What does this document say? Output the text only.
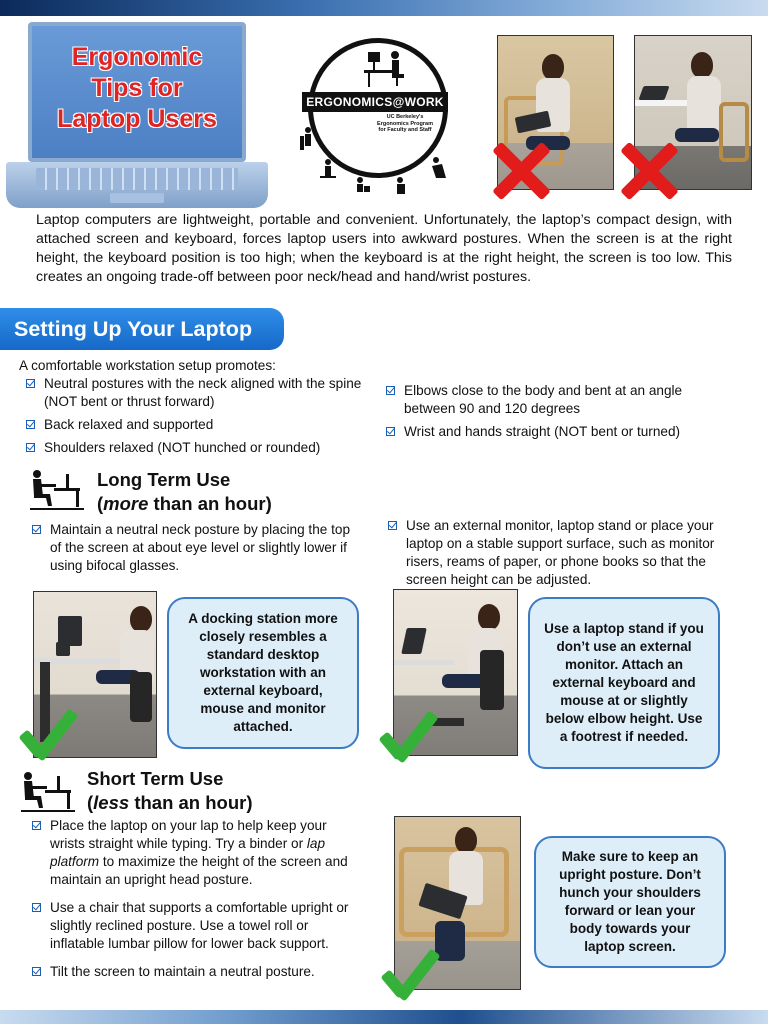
Ergonomic
Tips for
Laptop Users
ERGONOMICS@WORK
UC Berkeley's
Ergonomics Program
for Faculty and Staff

Laptop computers are lightweight, portable and convenient. Unfortunately, the laptop’s compact design, with attached screen and keyboard, forces laptop users into awkward postures. When the screen is at the right height, the keyboard position is too high; when the keyboard is at the right height, the screen is too low. This creates an ongoing trade-off between poor neck/head and hand/wrist postures.

Setting Up Your Laptop

A comfortable workstation setup promotes:

Neutral postures with the neck aligned with the spine (NOT bent or thrust forward)
Back relaxed and supported
Shoulders relaxed (NOT hunched or rounded)
Elbows close to the body and bent at an angle between 90 and 120 degrees
Wrist and hands straight (NOT bent or turned)
Long Term Use
(more than an hour)
Maintain a neutral neck posture by placing the top of the screen at about eye level or slightly lower if using bifocal glasses.
Use an external monitor, laptop stand or place your laptop on a stable support surface, such as monitor risers, reams of paper, or phone books so that the screen height can be adjusted.
A docking station more closely resembles a standard desktop workstation with an external keyboard, mouse and monitor attached.
Use a laptop stand if you don’t use an external monitor. Attach an external keyboard and mouse at or slightly below elbow height. Use a footrest if needed.
Short Term Use
(less than an hour)
Place the laptop on your lap to help keep your wrists straight while typing. Try a binder or lap platform to maximize the height of the screen and maintain an upright head posture.
Use a chair that supports a comfortable upright or slightly reclined posture. Use a towel roll or inflatable lumbar pillow for lower back support.
Tilt the screen to maintain a neutral posture.
Make sure to keep an upright posture. Don’t hunch your shoulders forward or lean your body towards your laptop screen.
